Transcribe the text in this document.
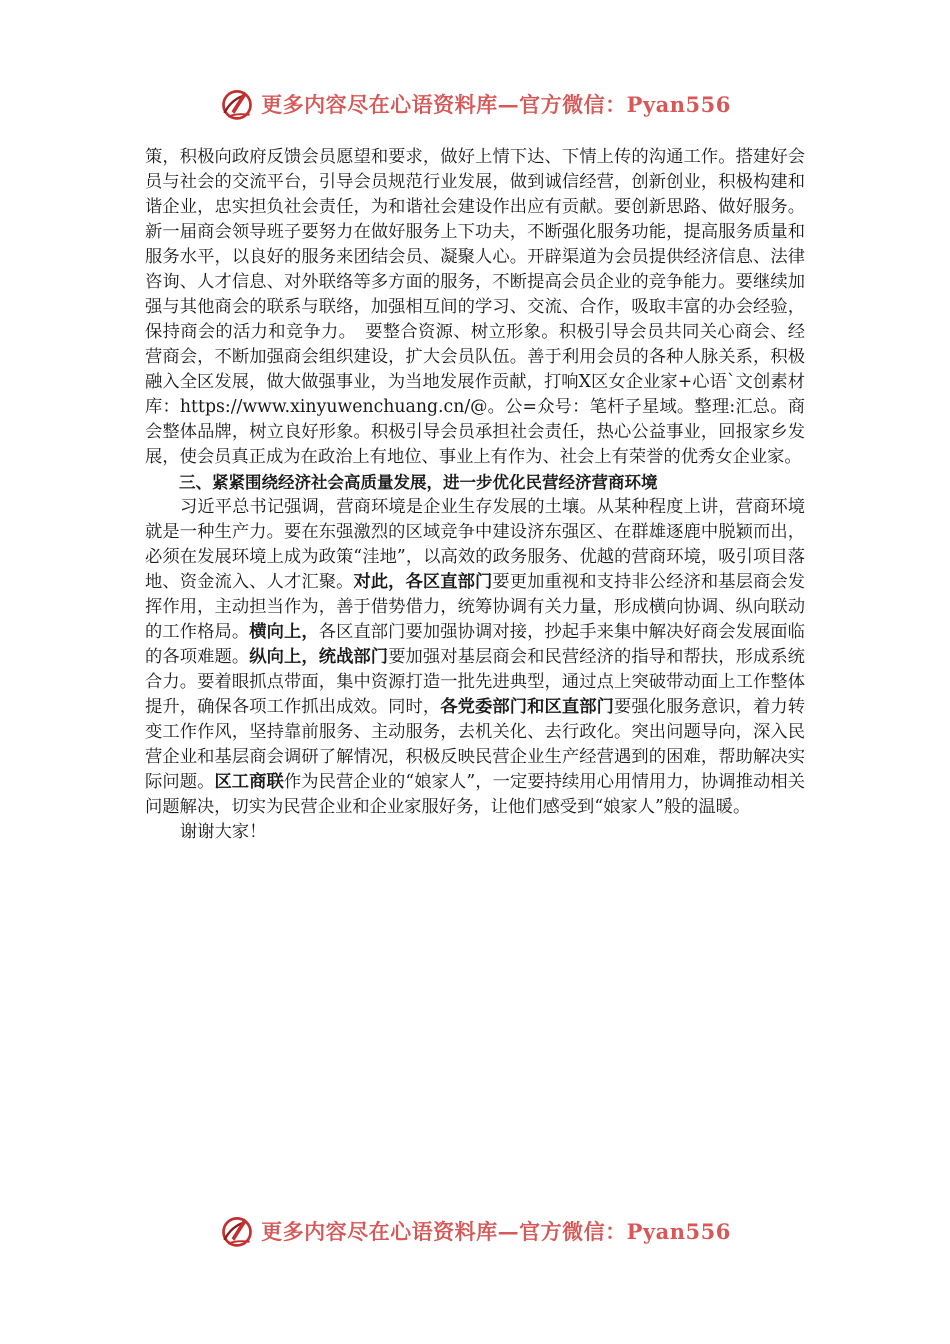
更多内容尽在心语资料库—官方微信：Pyan556

策，积极向政府反馈会员愿望和要求，做好上情下达、下情上传的沟通工作。搭建好会员与社会的交流平台，引导会员规范行业发展，做到诚信经营，创新创业，积极构建和谐企业，忠实担负社会责任，为和谐社会建设作出应有贡献。要创新思路、做好服务。新一届商会领导班子要努力在做好服务上下功夫，不断强化服务功能，提高服务质量和服务水平，以良好的服务来团结会员、凝聚人心。开辟渠道为会员提供经济信息、法律咨询、人才信息、对外联络等多方面的服务，不断提高会员企业的竞争能力。要继续加强与其他商会的联系与联络，加强相互间的学习、交流、合作，吸取丰富的办会经验，保持商会的活力和竞争力。　要整合资源、树立形象。积极引导会员共同关心商会、经营商会，不断加强商会组织建设，扩大会员队伍。善于利用会员的各种人脉关系，积极融入全区发展，做大做强事业，为当地发展作贡献，打响X区女企业家+心语`文创素材库：https://www.xinyuwenchuang.cn/@。公=众号：笔杆子星域。整理:汇总。商会整体品牌，树立良好形象。积极引导会员承担社会责任，热心公益事业，回报家乡发展，使会员真正成为在政治上有地位、事业上有作为、社会上有荣誉的优秀女企业家。

三、紧紧围绕经济社会高质量发展，进一步优化民营经济营商环境

习近平总书记强调，营商环境是企业生存发展的土壤。从某种程度上讲，营商环境就是一种生产力。要在东强激烈的区域竞争中建设济东强区、在群雄逐鹿中脱颖而出，必须在发展环境上成为政策“洼地”，以高效的政务服务、优越的营商环境，吸引项目落地、资金流入、人才汇聚。对此，各区直部门要更加重视和支持非公经济和基层商会发挥作用，主动担当作为，善于借势借力，统筹协调有关力量，形成横向协调、纵向联动的工作格局。横向上，各区直部门要加强协调对接，抄起手来集中解决好商会发展面临的各项难题。纵向上，统战部门要加强对基层商会和民营经济的指导和帮扶，形成系统合力。要着眼抓点带面，集中资源打造一批先进典型，通过点上突破带动面上工作整体提升，确保各项工作抓出成效。同时，各党委部门和区直部门要强化服务意识，着力转变工作作风，坚持靠前服务、主动服务，去机关化、去行政化。突出问题导向，深入民营企业和基层商会调研了解情况，积极反映民营企业生产经营遇到的困难，帮助解决实际问题。区工商联作为民营企业的“娘家人”，一定要持续用心用情用力，协调推动相关问题解决，切实为民营企业和企业家服好务，让他们感受到“娘家人”般的温暖。

谢谢大家！

更多内容尽在心语资料库—官方微信：Pyan556
